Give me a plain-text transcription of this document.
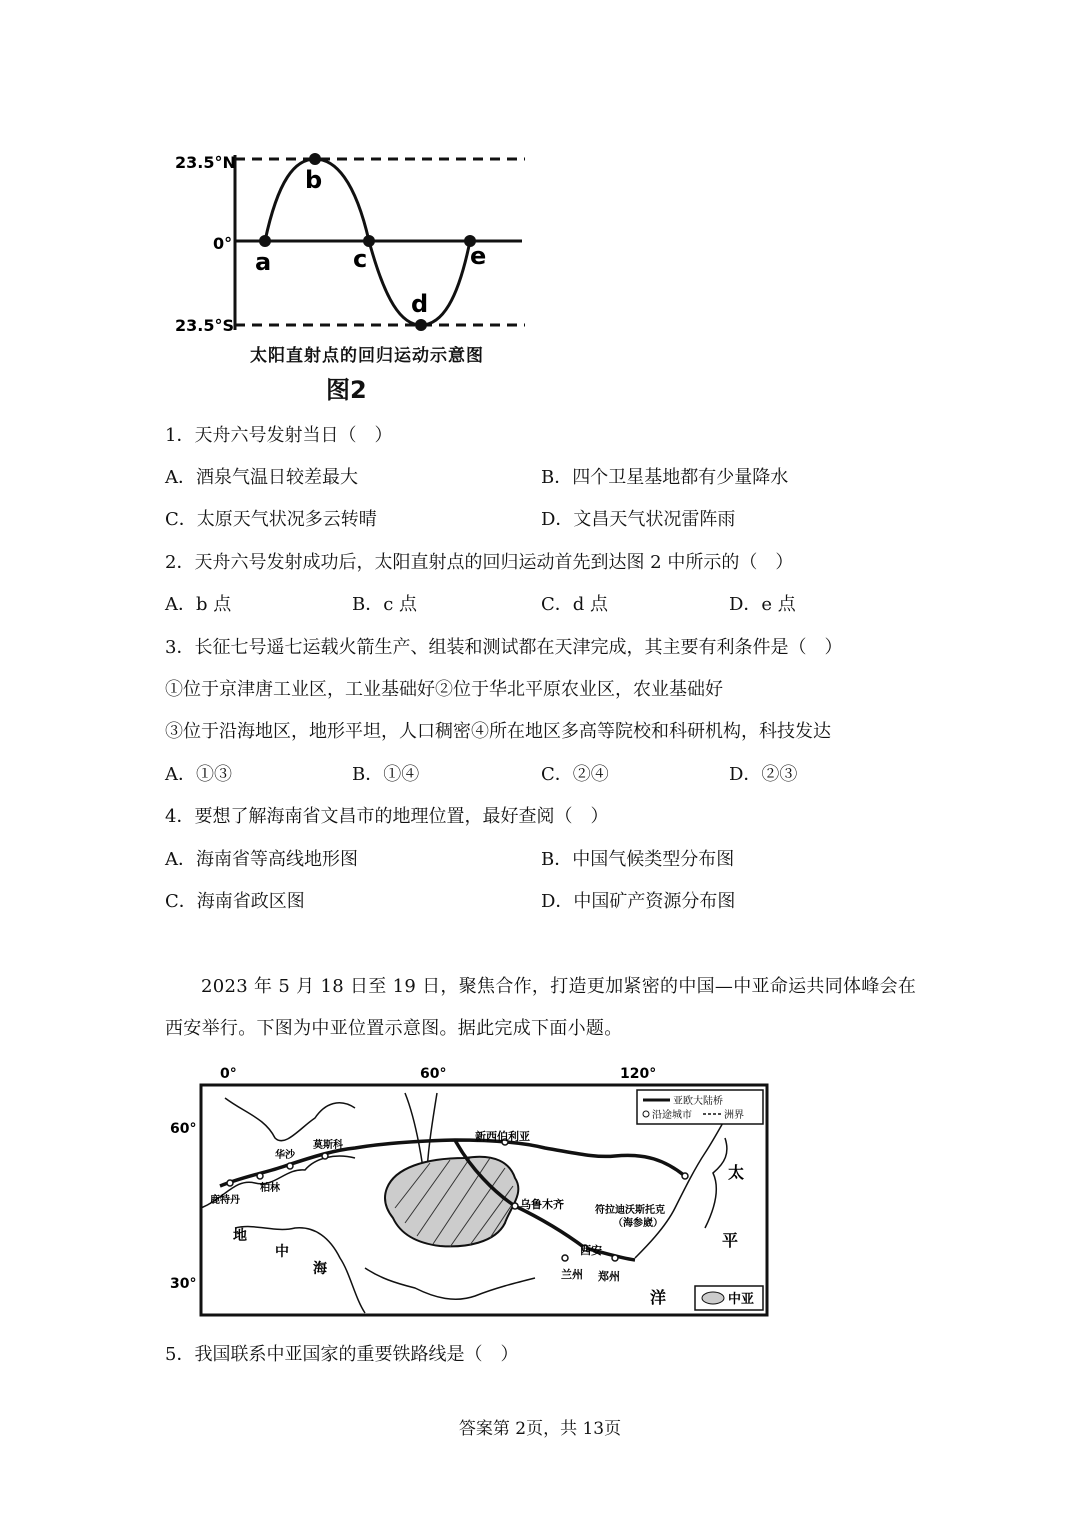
23.5°N
0°
23.5°S
a
b
c
d
e
太阳直射点的回归运动示意图
图2
1．天舟六号发射当日（　）
A．酒泉气温日较差最大	B．四个卫星基地都有少量降水
C．太原天气状况多云转晴	D．文昌天气状况雷阵雨
2．天舟六号发射成功后，太阳直射点的回归运动首先到达图 2 中所示的（　）
A．b 点	B．c 点	C．d 点	D．e 点
3．长征七号遥七运载火箭生产、组装和测试都在天津完成，其主要有利条件是（　）
①位于京津唐工业区，工业基础好②位于华北平原农业区，农业基础好
③位于沿海地区，地形平坦，人口稠密④所在地区多高等院校和科研机构，科技发达
A．①③	B．①④	C．②④	D．②③
4．要想了解海南省文昌市的地理位置，最好查阅（　）
A．海南省等高线地形图	B．中国气候类型分布图
C．海南省政区图	D．中国矿产资源分布图
2023 年 5 月 18 日至 19 日，聚焦合作，打造更加紧密的中国—中亚命运共同体峰会在
西安举行。下图为中亚位置示意图。据此完成下面小题。
0°	60°	120°
60°
30°
亚欧大陆桥
沿途城市	洲界
中亚
莫斯科
华沙
柏林
鹿特丹
新西伯利亚
乌鲁木齐	符拉迪沃斯托克
（海参崴）
西安
兰州 郑州
地
中
海
太
平
洋
5．我国联系中亚国家的重要铁路线是（　）
答案第 2页，共 13页
